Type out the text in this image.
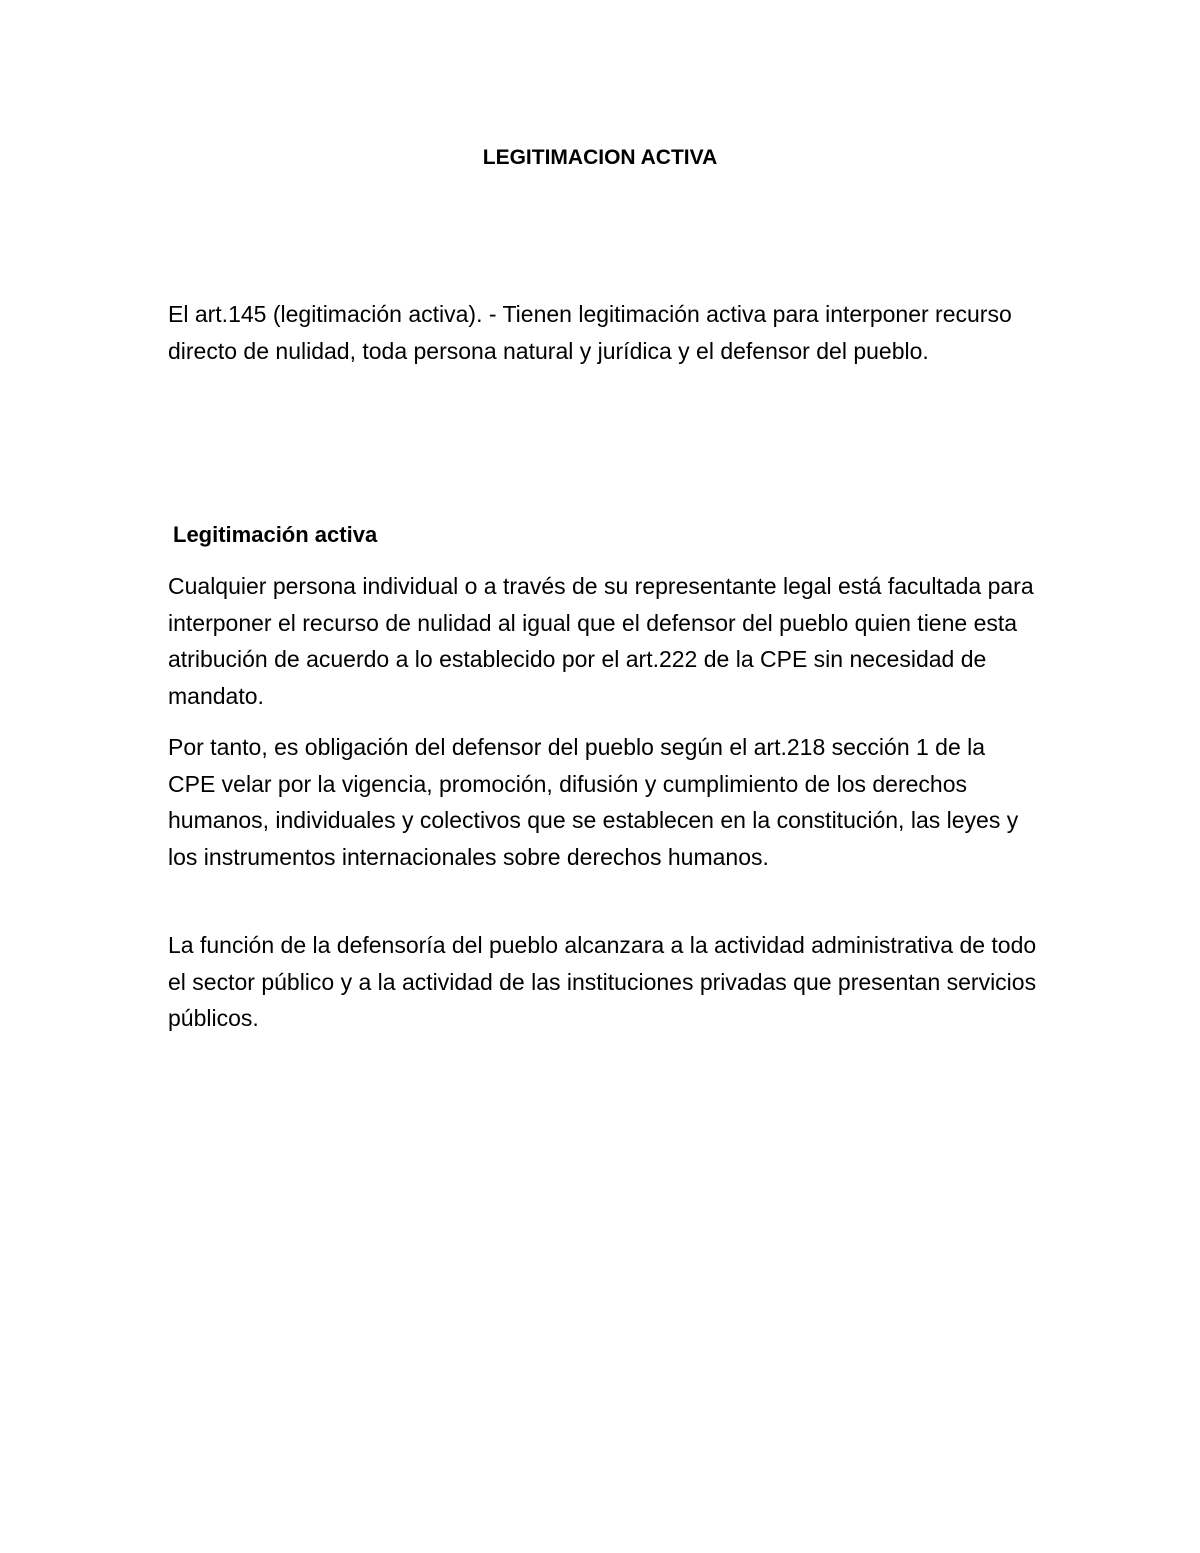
LEGITIMACION ACTIVA

El art.145 (legitimación activa). - Tienen legitimación activa para interponer recurso directo de nulidad, toda persona natural y jurídica y el defensor del pueblo.

Legitimación activa

Cualquier persona individual o a través de su representante legal está facultada para interponer el recurso de nulidad al igual que el defensor del pueblo quien tiene esta atribución de acuerdo a lo establecido por el art.222 de la CPE sin necesidad de mandato.

Por tanto, es obligación del defensor del pueblo según el art.218 sección 1 de la CPE velar por la vigencia, promoción, difusión y cumplimiento de los derechos humanos, individuales y colectivos que se establecen en la constitución, las leyes y los instrumentos internacionales sobre derechos humanos.

La función de la defensoría del pueblo alcanzara a la actividad administrativa de todo el sector público y a la actividad de las instituciones privadas que presentan servicios públicos.
